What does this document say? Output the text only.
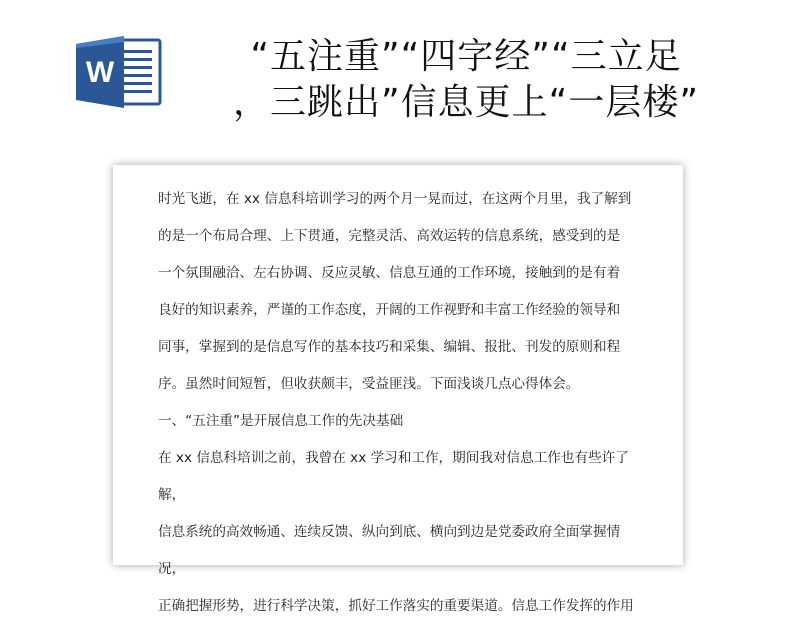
W	“五注重”“四字经”“三立足
，三跳出”信息更上“一层楼”

时光飞逝，在 xx 信息科培训学习的两个月一晃而过，在这两个月里，我了解到

的是一个布局合理、上下贯通，完整灵活、高效运转的信息系统，感受到的是

一个氛围融洽、左右协调、反应灵敏、信息互通的工作环境，接触到的是有着

良好的知识素养，严谨的工作态度，开阔的工作视野和丰富工作经验的领导和

同事，掌握到的是信息写作的基本技巧和采集、编辑、报批、刊发的原则和程

序。虽然时间短暂，但收获颇丰，受益匪浅。下面浅谈几点心得体会。

一、“五注重”是开展信息工作的先决基础

在 xx 信息科培训之前，我曾在 xx 学习和工作，期间我对信息工作也有些许了解，

信息系统的高效畅通、连续反馈、纵向到底、横向到边是党委政府全面掌握情况，

正确把握形势，进行科学决策，抓好工作落实的重要渠道。信息工作发挥的作用
